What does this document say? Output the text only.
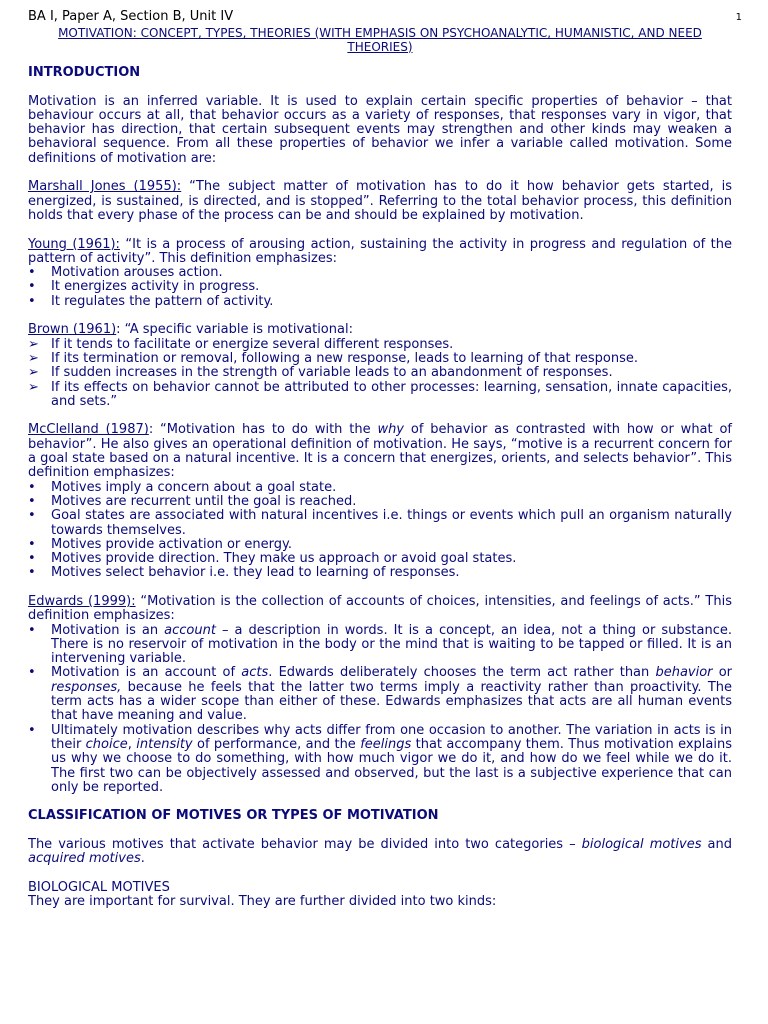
BA I, Paper A, Section B, Unit IV	1
MOTIVATION: CONCEPT, TYPES, THEORIES (WITH EMPHASIS ON PSYCHOANALYTIC, HUMANISTIC, AND NEED THEORIES)
INTRODUCTION

Motivation is an inferred variable. It is used to explain certain specific properties of behavior – that behaviour occurs at all, that behavior occurs as a variety of responses, that responses vary in vigor, that behavior has direction, that certain subsequent events may strengthen and other kinds may weaken a behavioral sequence. From all these properties of behavior we infer a variable called motivation. Some definitions of motivation are:

Marshall Jones (1955): “The subject matter of motivation has to do it how behavior gets started, is energized, is sustained, is directed, and is stopped”. Referring to the total behavior process, this definition holds that every phase of the process can be and should be explained by motivation.

Young (1961): “It is a process of arousing action, sustaining the activity in progress and regulation of the pattern of activity”. This definition emphasizes:

•	Motivation arouses action.
•	It energizes activity in progress.
•	It regulates the pattern of activity.

Brown (1961): “A specific variable is motivational:

➢ If it tends to facilitate or energize several different responses.
➢ If its termination or removal, following a new response, leads to learning of that response.
➢ If sudden increases in the strength of variable leads to an abandonment of responses.
➢ If its effects on behavior cannot be attributed to other processes: learning, sensation, innate capacities, and sets.”

McClelland (1987): “Motivation has to do with the why of behavior as contrasted with how or what of behavior”. He also gives an operational definition of motivation. He says, “motive is a recurrent concern for a goal state based on a natural incentive. It is a concern that energizes, orients, and selects behavior”. This definition emphasizes:

•	Motives imply a concern about a goal state.
•	Motives are recurrent until the goal is reached.
•	Goal states are associated with natural incentives i.e. things or events which pull an organism naturally towards themselves.
•	Motives provide activation or energy.
•	Motives provide direction. They make us approach or avoid goal states.
•	Motives select behavior i.e. they lead to learning of responses.

Edwards (1999): “Motivation is the collection of accounts of choices, intensities, and feelings of acts.” This definition emphasizes:

•	Motivation is an account – a description in words. It is a concept, an idea, not a thing or substance. There is no reservoir of motivation in the body or the mind that is waiting to be tapped or filled. It is an intervening variable.
•	Motivation is an account of acts. Edwards deliberately chooses the term act rather than behavior or responses, because he feels that the latter two terms imply a reactivity rather than proactivity. The term acts has a wider scope than either of these. Edwards emphasizes that acts are all human events that have meaning and value.
•	Ultimately motivation describes why acts differ from one occasion to another. The variation in acts is in their choice, intensity of performance, and the feelings that accompany them. Thus motivation explains us why we choose to do something, with how much vigor we do it, and how do we feel while we do it. The first two can be objectively assessed and observed, but the last is a subjective experience that can only be reported.
CLASSIFICATION OF MOTIVES OR TYPES OF MOTIVATION

The various motives that activate behavior may be divided into two categories – biological motives and acquired motives.

BIOLOGICAL MOTIVES

They are important for survival. They are further divided into two kinds:
